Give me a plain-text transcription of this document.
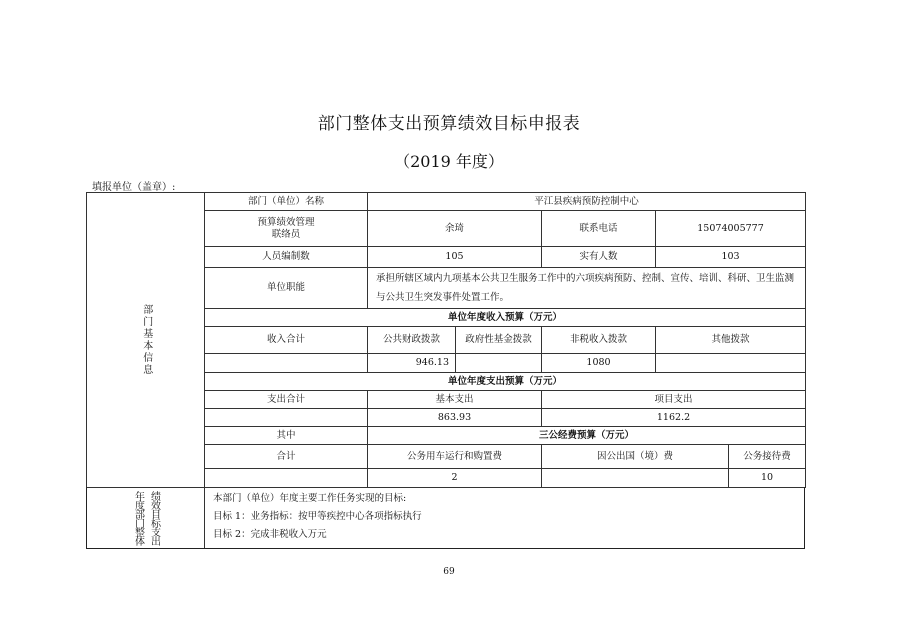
部门整体支出预算绩效目标申报表
（2019 年度）
填报单位（盖章）:
部门基本信息	部门（单位）名称	平江县疾病预防控制中心				

	预算绩效管理
联络员	余琦		联系电话	15074005777	
	人员编制数	105		实有人数	103	
	单位职能	承担所辖区域内九项基本公共卫生服务工作中的六项疾病预防、控制、宣传、培训、科研、卫生监测与公共卫生突发事件处置工作。				
	单位年度收入预算（万元）					
	收入合计	公共财政拨款	政府性基金拨款	非税收入拨款	其他拨款	
		946.13		1080		
	单位年度支出预算（万元）					
	支出合计	基本支出		项目支出		
		863.93		1162.2		
	其中	三公经费预算（万元）				
	合计	公务用车运行和购置费		因公出国（境）费		公务接待费
		2				10
年度部门整体 绩效目标支出	本部门（单位）年度主要工作任务实现的目标:
目标 1：业务指标：按甲等疾控中心各项指标执行
目标 2：完成非税收入万元
69
